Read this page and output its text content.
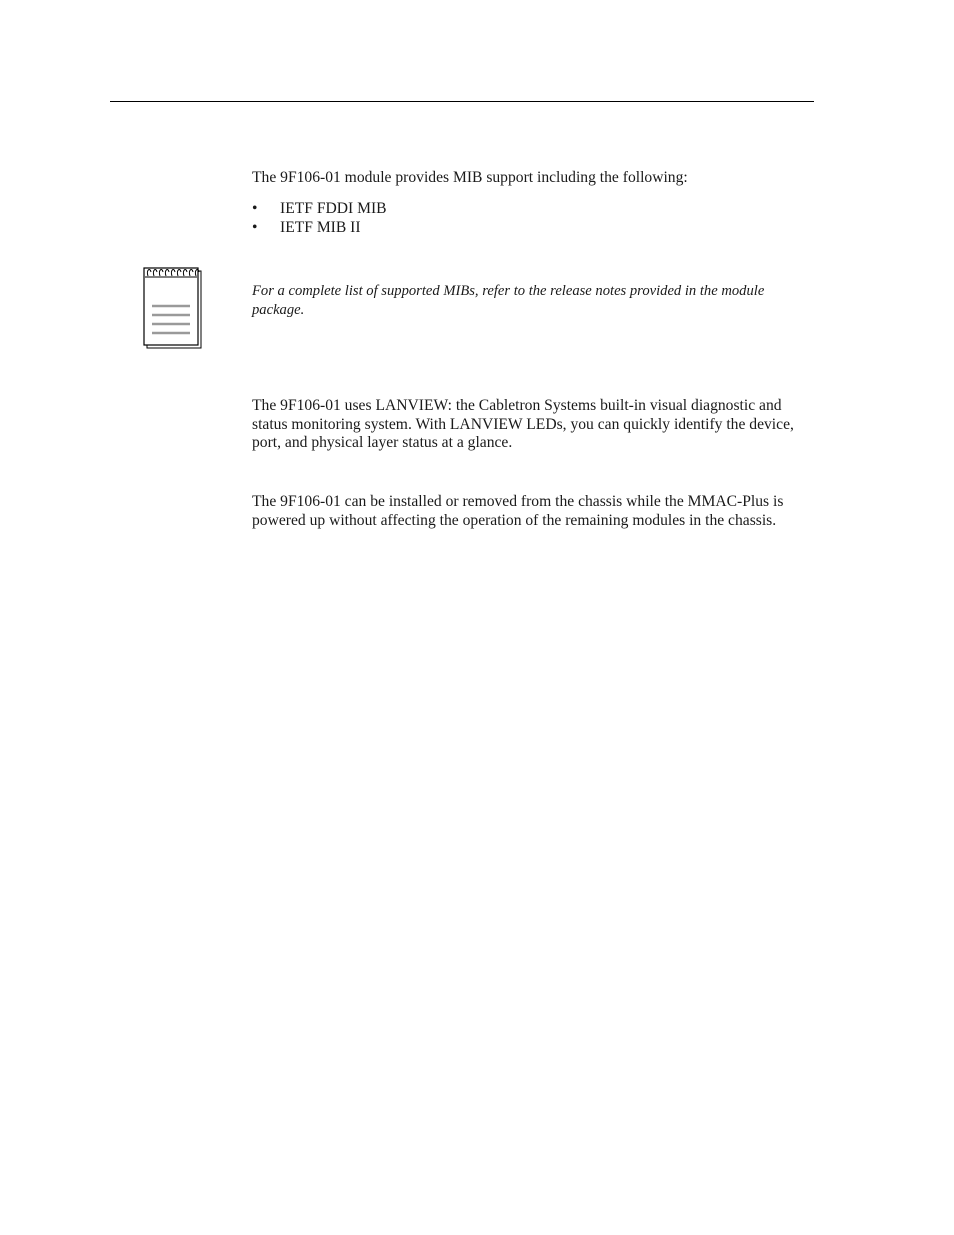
The 9F106-01 module provides MIB support including the following:

• IETF FDDI MIB
• IETF MIB II

For a complete list of supported MIBs, refer to the release notes provided in the module package.

The 9F106-01 uses LANVIEW: the Cabletron Systems built-in visual diagnostic and status monitoring system. With LANVIEW LEDs, you can quickly identify the device, port, and physical layer status at a glance.

The 9F106-01 can be installed or removed from the chassis while the MMAC-Plus is powered up without affecting the operation of the remaining modules in the chassis.
